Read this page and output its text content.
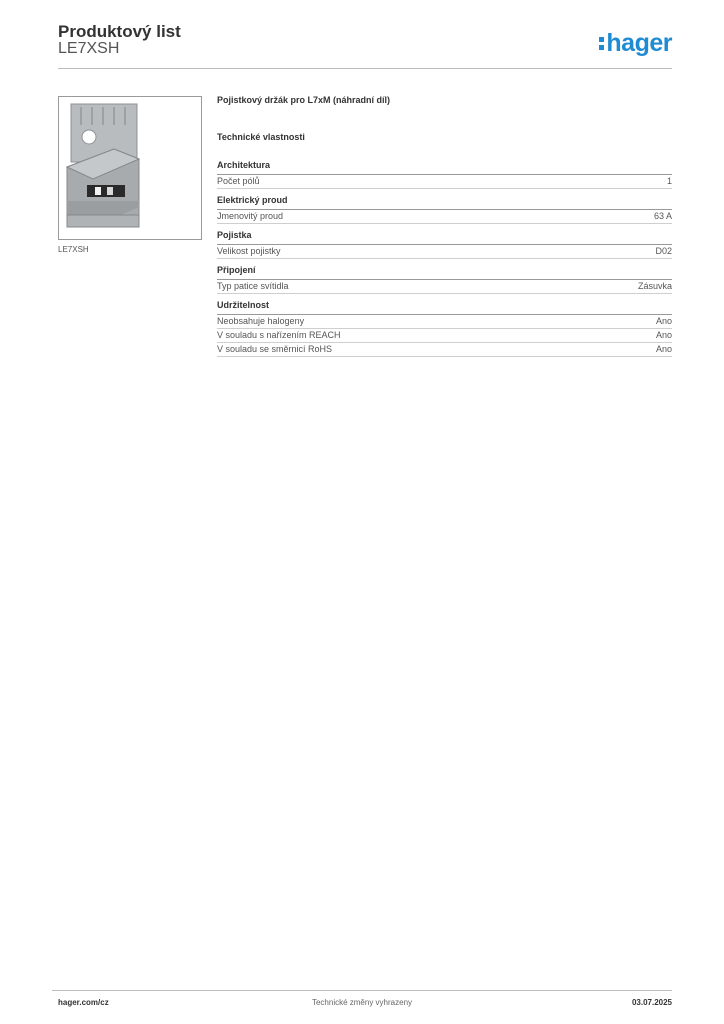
Produktový list
LE7XSH	hager
LE7XSH
Pojistkový držák pro L7xM (náhradní díl)
Technické vlastnosti
Architektura
Počet pólů	1
Elektrický proud
Jmenovitý proud	63 A
Pojistka
Velikost pojistky	D02
Připojení
Typ patice svítidla	Zásuvka
Udržitelnost
Neobsahuje halogeny	Ano
V souladu s nařízením REACH	Ano
V souladu se směrnicí RoHS	Ano
hager.com/cz	Technické změny vyhrazeny	03.07.2025
